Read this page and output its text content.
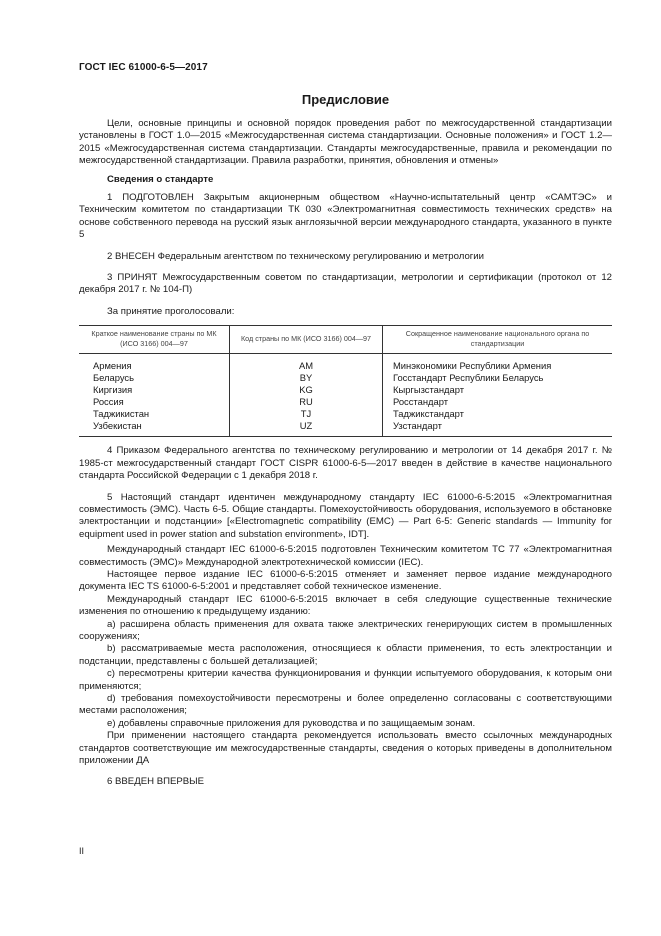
ГОСТ IEC 61000-6-5—2017
Предисловие

Цели, основные принципы и основной порядок проведения работ по межгосударственной стандартизации установлены в ГОСТ 1.0—2015 «Межгосударственная система стандартизации. Основные положения» и ГОСТ 1.2—2015 «Межгосударственная система стандартизации. Стандарты межгосударственные, правила и рекомендации по межгосударственной стандартизации. Правила разработки, принятия, обновления и отмены»

Сведения о стандарте

1 ПОДГОТОВЛЕН Закрытым акционерным обществом «Научно-испытательный центр «САМТЭС» и Техническим комитетом по стандартизации ТК 030 «Электромагнитная совместимость технических средств» на основе собственного перевода на русский язык англоязычной версии международного стандарта, указанного в пункте 5

2 ВНЕСЕН Федеральным агентством по техническому регулированию и метрологии

3 ПРИНЯТ Межгосударственным советом по стандартизации, метрологии и сертификации (протокол от 12 декабря 2017 г. № 104-П)

За принятие проголосовали:

Краткое наименование страны по МК (ИСО 3166) 004—97	Код страны по МК (ИСО 3166) 004—97	Сокращенное наименование национального органа по стандартизации
Армения	AM	Минэкономики Республики Армения
Беларусь	BY	Госстандарт Республики Беларусь
Киргизия	KG	Кыргызстандарт
Россия	RU	Росстандарт
Таджикистан	TJ	Таджикстандарт
Узбекистан	UZ	Узстандарт

4 Приказом Федерального агентства по техническому регулированию и метрологии от 14 декабря 2017 г. № 1985-ст межгосударственный стандарт ГОСТ CISPR 61000-6-5—2017 введен в действие в качестве национального стандарта Российской Федерации с 1 декабря 2018 г.

5 Настоящий стандарт идентичен международному стандарту IEC 61000-6-5:2015 «Электромагнитная совместимость (ЭМС). Часть 6-5. Общие стандарты. Помехоустойчивость оборудования, используемого в обстановке электростанции и подстанции» [«Electromagnetic compatibility (EMC) — Part 6-5: Generic standards — Immunity for equipment used in power station and substation environment», IDT].

Международный стандарт IEC 61000-6-5:2015 подготовлен Техническим комитетом ТС 77 «Электромагнитная совместимость (ЭМС)» Международной электротехнической комиссии (IEC).

Настоящее первое издание IEC 61000-6-5:2015 отменяет и заменяет первое издание международного документа IEC TS 61000-6-5:2001 и представляет собой техническое изменение.

Международный стандарт IEC 61000-6-5:2015 включает в себя следующие существенные технические изменения по отношению к предыдущему изданию:

a) расширена область применения для охвата также электрических генерирующих систем в промышленных сооружениях;

b) рассматриваемые места расположения, относящиеся к области применения, то есть электростанции и подстанции, представлены с большей детализацией;

c) пересмотрены критерии качества функционирования и функции испытуемого оборудования, к которым они применяются;

d) требования помехоустойчивости пересмотрены и более определенно согласованы с соответствующими местами расположения;

e) добавлены справочные приложения для руководства и по защищаемым зонам.

При применении настоящего стандарта рекомендуется использовать вместо ссылочных международных стандартов соответствующие им межгосударственные стандарты, сведения о которых приведены в дополнительном приложении ДА

6 ВВЕДЕН ВПЕРВЫЕ

II
